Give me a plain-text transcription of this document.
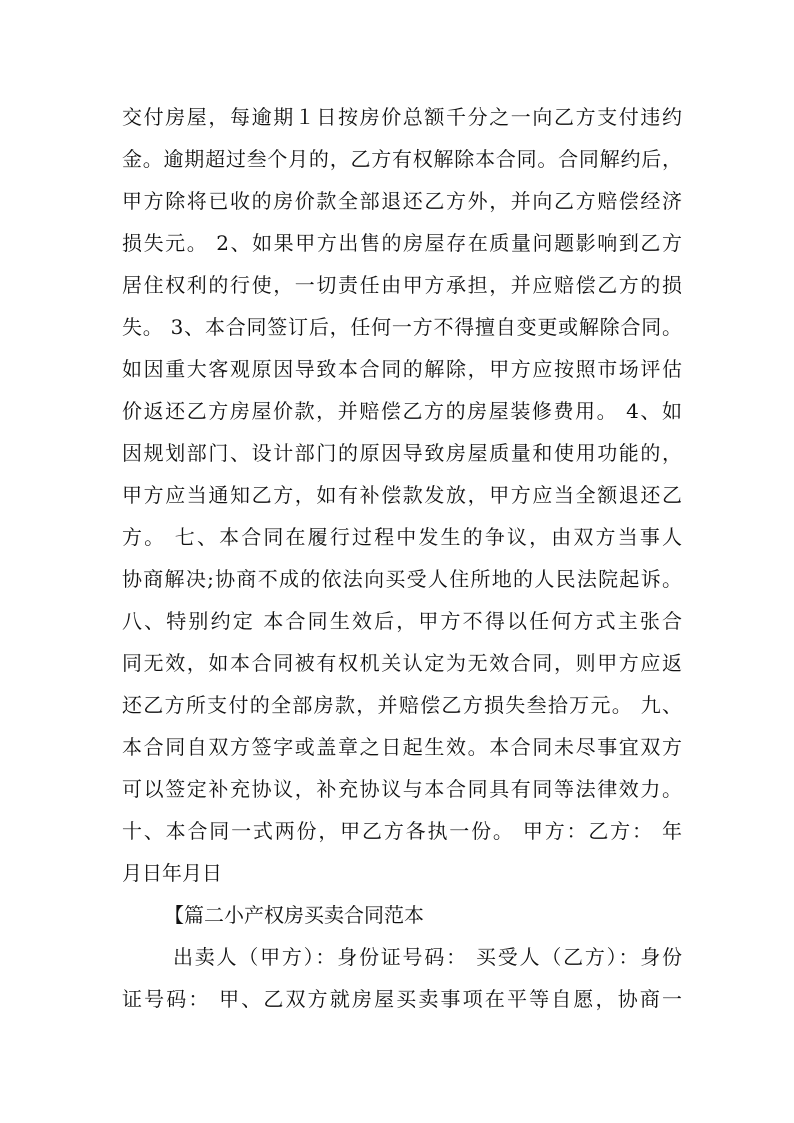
交付房屋，每逾期１日按房价总额千分之一向乙方支付违约
金。逾期超过叁个月的，乙方有权解除本合同。合同解约后，
甲方除将已收的房价款全部退还乙方外，并向乙方赔偿经济
损失元。 2、如果甲方出售的房屋存在质量问题影响到乙方
居住权利的行使，一切责任由甲方承担，并应赔偿乙方的损
失。 3、本合同签订后，任何一方不得擅自变更或解除合同。
如因重大客观原因导致本合同的解除，甲方应按照市场评估
价返还乙方房屋价款，并赔偿乙方的房屋装修费用。 4、如
因规划部门、设计部门的原因导致房屋质量和使用功能的，
甲方应当通知乙方，如有补偿款发放，甲方应当全额退还乙
方。 七、本合同在履行过程中发生的争议，由双方当事人
协商解决;协商不成的依法向买受人住所地的人民法院起诉。
八、特别约定 本合同生效后，甲方不得以任何方式主张合
同无效，如本合同被有权机关认定为无效合同，则甲方应返
还乙方所支付的全部房款，并赔偿乙方损失叁拾万元。 九、
本合同自双方签字或盖章之日起生效。本合同未尽事宜双方
可以签定补充协议，补充协议与本合同具有同等法律效力。
十、本合同一式两份，甲乙方各执一份。 甲方：乙方： 年
月日年月日
【篇二小产权房买卖合同范本
出卖人（甲方）：身份证号码： 买受人（乙方）：身份
证号码： 甲、乙双方就房屋买卖事项在平等自愿，协商一
